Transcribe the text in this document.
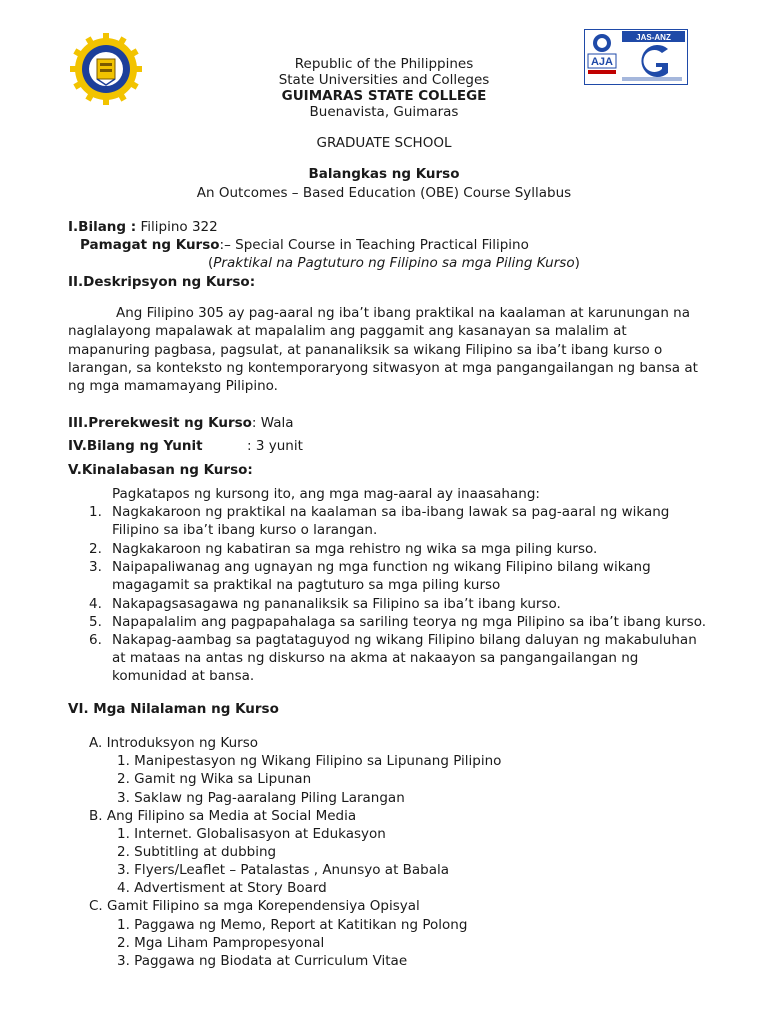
AJA
JAS-ANZ
Republic of the Philippines
State Universities and Colleges
GUIMARAS STATE COLLEGE
Buenavista, Guimaras
GRADUATE SCHOOL
Balangkas ng Kurso
An Outcomes – Based Education (OBE) Course Syllabus
I.Bilang : Filipino 322
Pamagat ng Kurso:– Special Course in Teaching Practical Filipino
(Praktikal na Pagtuturo ng Filipino sa mga Piling Kurso)
II.Deskripsyon ng Kurso:
Ang Filipino 305 ay pag-aaral ng iba’t ibang praktikal na kaalaman at karunungan na
naglalayong mapalawak at mapalalim ang paggamit ang kasanayan sa malalim at
mapanuring pagbasa, pagsulat, at pananaliksik sa wikang Filipino sa iba’t ibang kurso o
larangan, sa konteksto ng kontemporaryong sitwasyon at mga pangangailangan ng bansa at
ng mga mamamayang Pilipino.
III.Prerekwesit ng Kurso: Wala
IV.Bilang ng Yunit	: 3 yunit
V.Kinalabasan ng Kurso:
Pagkatapos ng kursong ito, ang mga mag-aaral ay inaasahang:
1. Nagkakaroon ng praktikal na kaalaman sa iba-ibang lawak sa pag-aaral ng wikang
Filipino sa iba’t ibang kurso o larangan.
2. Nagkakaroon ng kabatiran sa mga rehistro ng wika sa mga piling kurso.
3. Naipapaliwanag ang ugnayan ng mga function ng wikang Filipino bilang wikang
magagamit sa praktikal na pagtuturo sa mga piling kurso
4. Nakapagsasagawa ng pananaliksik sa Filipino sa iba’t ibang kurso.
5. Napapalalim ang pagpapahalaga sa sariling teorya ng mga Pilipino sa iba’t ibang kurso.
6. Nakapag-aambag sa pagtataguyod ng wikang Filipino bilang daluyan ng makabuluhan
at mataas na antas ng diskurso na akma at nakaayon sa pangangailangan ng
komunidad at bansa.
VI. Mga Nilalaman ng Kurso
A. Introduksyon ng Kurso
1. Manipestasyon ng Wikang Filipino sa Lipunang Pilipino
2. Gamit ng Wika sa Lipunan
3. Saklaw ng Pag-aaralang Piling Larangan
B. Ang Filipino sa Media at Social Media
1. Internet. Globalisasyon at Edukasyon
2. Subtitling at dubbing
3. Flyers/Leaflet – Patalastas , Anunsyo at Babala
4. Advertisment at Story Board
C. Gamit Filipino sa mga Korependensiya Opisyal
1. Paggawa ng Memo, Report at Katitikan ng Polong
2. Mga Liham Pampropesyonal
3. Paggawa ng Biodata at Curriculum Vitae
